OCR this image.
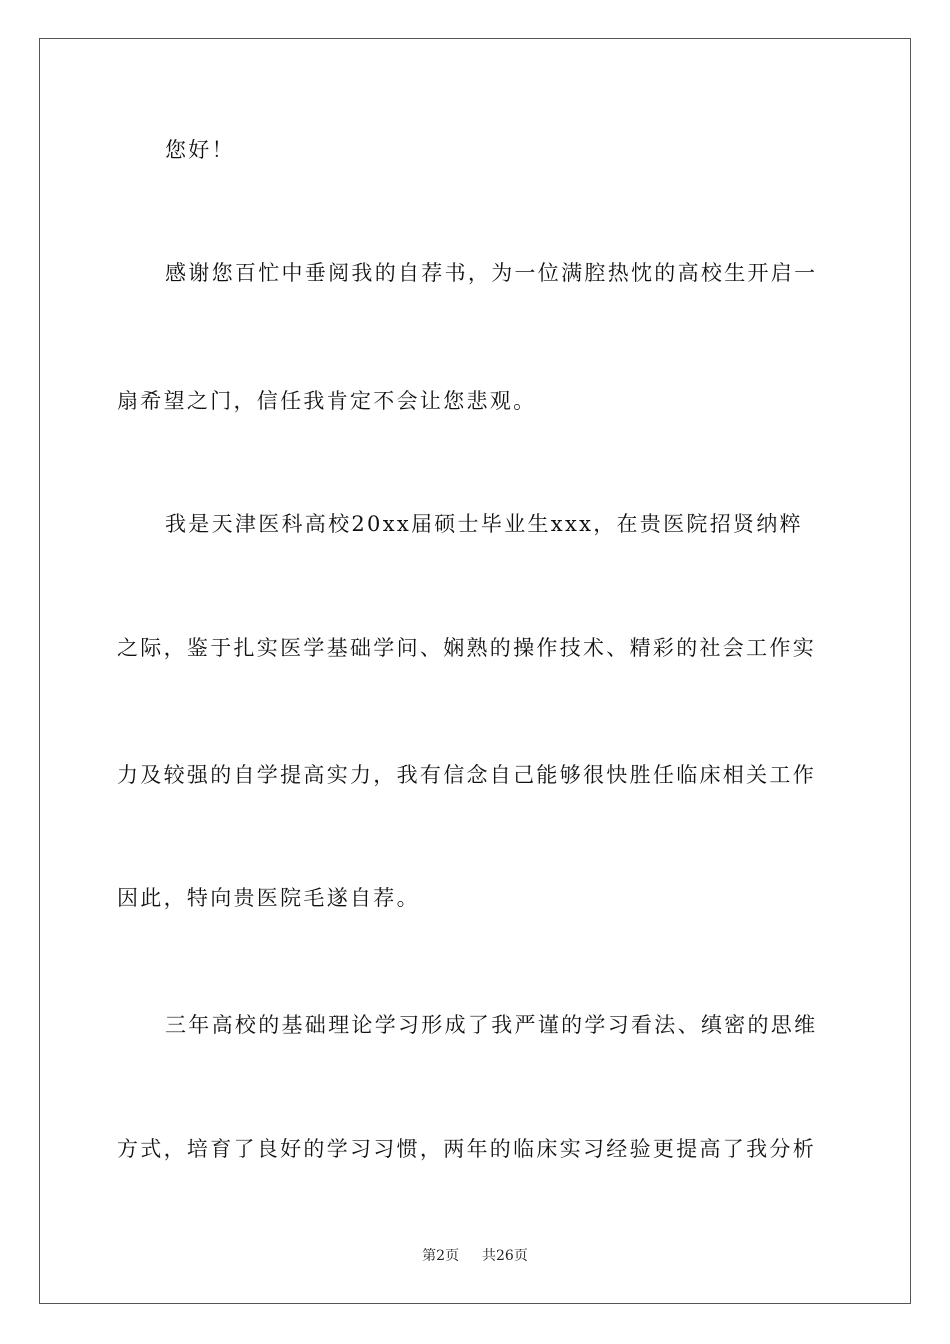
您好！
感谢您百忙中垂阅我的自荐书，为一位满腔热忱的高校生开启一
扇希望之门，信任我肯定不会让您悲观。
我是天津医科高校20xx届硕士毕业生xxx，在贵医院招贤纳粹
之际，鉴于扎实医学基础学问、娴熟的操作技术、精彩的社会工作实
力及较强的自学提高实力，我有信念自己能够很快胜任临床相关工作
因此，特向贵医院毛遂自荐。
三年高校的基础理论学习形成了我严谨的学习看法、缜密的思维
方式，培育了良好的学习习惯，两年的临床实习经验更提高了我分析
第2页 共26页
